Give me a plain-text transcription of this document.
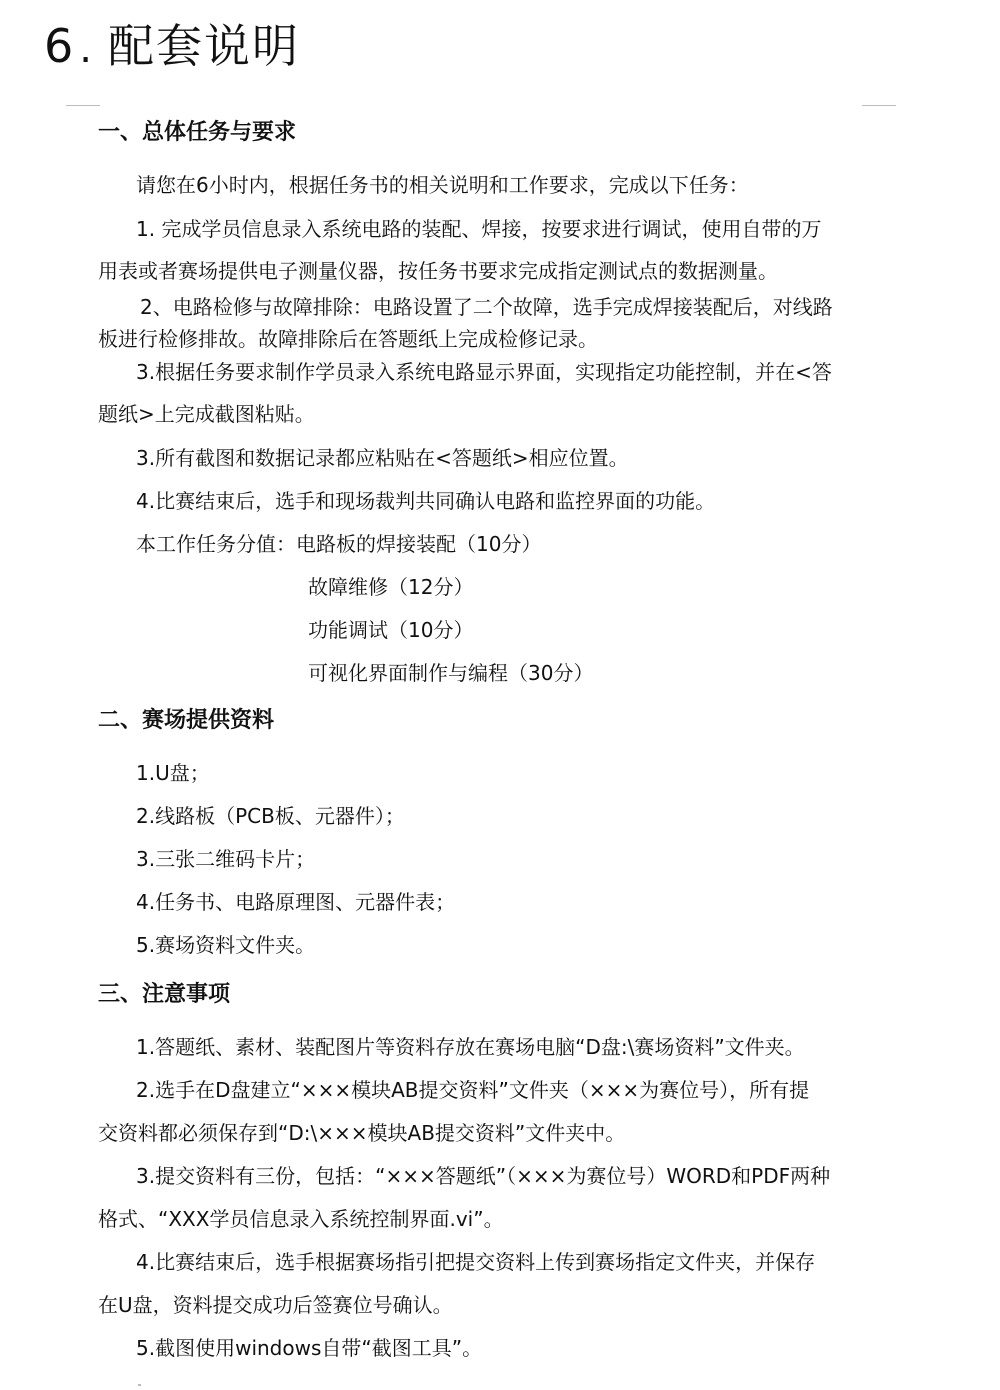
6 . 配套说明
一、总体任务与要求
请您在6小时内，根据任务书的相关说明和工作要求，完成以下任务：
1. 完成学员信息录入系统电路的装配、焊接，按要求进行调试，使用自带的万
用表或者赛场提供电子测量仪器，按任务书要求完成指定测试点的数据测量。
2、电路检修与故障排除：电路设置了二个故障，选手完成焊接装配后，对线路
板进行检修排故。故障排除后在答题纸上完成检修记录。
3.根据任务要求制作学员录入系统电路显示界面，实现指定功能控制，并在<答
题纸>上完成截图粘贴。
3.所有截图和数据记录都应粘贴在<答题纸>相应位置。
4.比赛结束后，选手和现场裁判共同确认电路和监控界面的功能。
本工作任务分值：电路板的焊接装配（10分）
故障维修（12分）
功能调试（10分）
可视化界面制作与编程（30分）
二、赛场提供资料
1.U盘；
2.线路板（PCB板、元器件）；
3.三张二维码卡片；
4.任务书、电路原理图、元器件表；
5.赛场资料文件夹。
三、注意事项
1.答题纸、素材、装配图片等资料存放在赛场电脑“D盘:\赛场资料”文件夹。
2.选手在D盘建立“×××模块AB提交资料”文件夹（×××为赛位号），所有提
交资料都必须保存到“D:\×××模块AB提交资料”文件夹中。
3.提交资料有三份，包括：“×××答题纸”（×××为赛位号）WORD和PDF两种
格式、“XXX学员信息录入系统控制界面.vi”。
4.比赛结束后，选手根据赛场指引把提交资料上传到赛场指定文件夹，并保存
在U盘，资料提交成功后签赛位号确认。
5.截图使用windows自带“截图工具”。
